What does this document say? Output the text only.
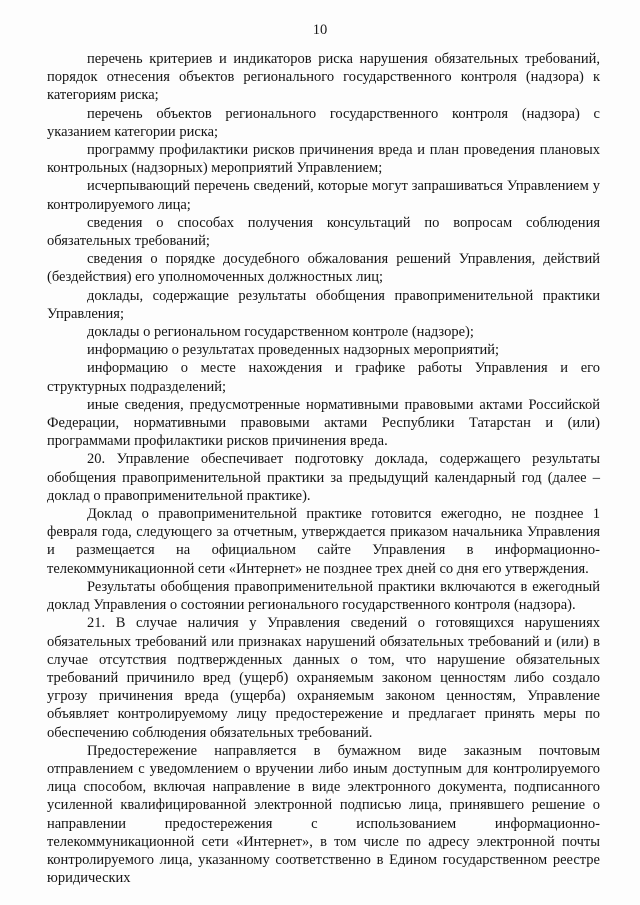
10

перечень критериев и индикаторов риска нарушения обязательных требований, порядок отнесения объектов регионального государственного контроля (надзора) к категориям риска;

перечень объектов регионального государственного контроля (надзора) с указанием категории риска;

программу профилактики рисков причинения вреда и план проведения плановых контрольных (надзорных) мероприятий Управлением;

исчерпывающий перечень сведений, которые могут запрашиваться Управлением у контролируемого лица;

сведения о способах получения консультаций по вопросам соблюдения обязательных требований;

сведения о порядке досудебного обжалования решений Управления, действий (бездействия) его уполномоченных должностных лиц;

доклады, содержащие результаты обобщения правоприменительной практики Управления;

доклады о региональном государственном контроле (надзоре);

информацию о результатах проведенных надзорных мероприятий;

информацию о месте нахождения и графике работы Управления и его структурных подразделений;

иные сведения, предусмотренные нормативными правовыми актами Российской Федерации, нормативными правовыми актами Республики Татарстан и (или) программами профилактики рисков причинения вреда.

20. Управление обеспечивает подготовку доклада, содержащего результаты обобщения правоприменительной практики за предыдущий календарный год (далее – доклад о правоприменительной практике).

Доклад о правоприменительной практике готовится ежегодно, не позднее 1 февраля года, следующего за отчетным, утверждается приказом начальника Управления и размещается на официальном сайте Управления в информационно-телекоммуникационной сети «Интернет» не позднее трех дней со дня его утверждения.

Результаты обобщения правоприменительной практики включаются в ежегодный доклад Управления о состоянии регионального государственного контроля (надзора).

21. В случае наличия у Управления сведений о готовящихся нарушениях обязательных требований или признаках нарушений обязательных требований и (или) в случае отсутствия подтвержденных данных о том, что нарушение обязательных требований причинило вред (ущерб) охраняемым законом ценностям либо создало угрозу причинения вреда (ущерба) охраняемым законом ценностям, Управление объявляет контролируемому лицу предостережение и предлагает принять меры по обеспечению соблюдения обязательных требований.

Предостережение направляется в бумажном виде заказным почтовым отправлением с уведомлением о вручении либо иным доступным для контролируемого лица способом, включая направление в виде электронного документа, подписанного усиленной квалифицированной электронной подписью лица, принявшего решение о направлении предостережения с использованием информационно-телекоммуникационной сети «Интернет», в том числе по адресу электронной почты контролируемого лица, указанному соответственно в Едином государственном реестре юридических
